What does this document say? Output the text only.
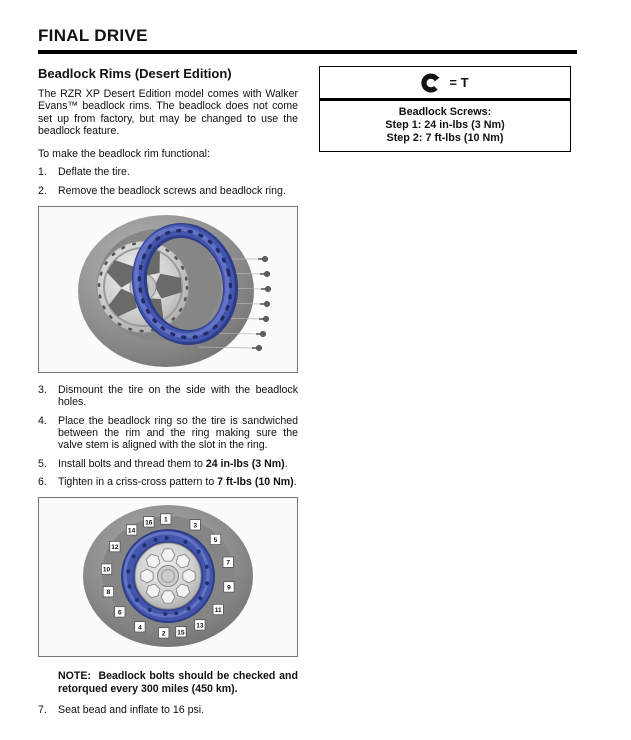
FINAL DRIVE
Beadlock Rims (Desert Edition)

The RZR XP Desert Edition model comes with Walker Evans™ beadlock rims. The beadlock does not come set up from factory, but may be changed to use the beadlock feature.

To make the beadlock rim functional:

1.	Deflate the tire.
2.	Remove the beadlock screws and beadlock ring.
3.	Dismount the tire on the side with the beadlock holes.
4.	Place the beadlock ring so the tire is sandwiched between the rim and the ring making sure the valve stem is aligned with the slot in the ring.
5.	Install bolts and thread them to 24 in-lbs (3 Nm).
6.	Tighten in a criss-cross pattern to 7 ft-lbs (10 Nm).
1
3
5
7
9
11
13
15
2
4
6
8
10
12
14
16

NOTE: Beadlock bolts should be checked and retorqued every 300 miles (450 km).

7.	Seat bead and inflate to 16 psi.
= T
Beadlock Screws:
Step 1: 24 in-lbs (3 Nm)
Step 2: 7 ft-lbs (10 Nm)
